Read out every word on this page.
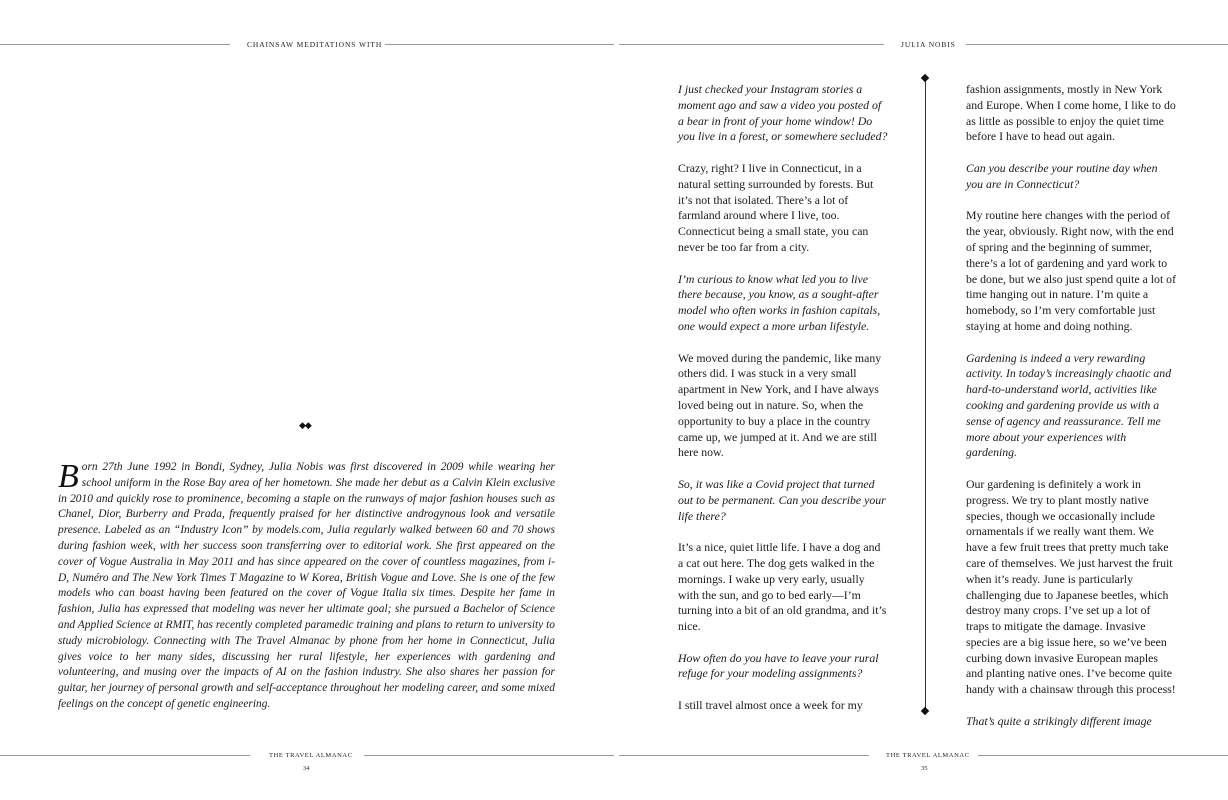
CHAINSAW MEDITATIONS WITH	JULIA NOBIS
◆◆
Born 27th June 1992 in Bondi, Sydney, Julia Nobis was first discovered in 2009 while wearing her school uniform in the Rose Bay area of her hometown. She made her debut as a Calvin Klein exclusive in 2010 and quickly rose to prominence, becoming a staple on the runways of major fashion houses such as Chanel, Dior, Burberry and Prada, frequently praised for her distinctive androgynous look and versatile presence. Labeled as an “Industry Icon” by models.com, Julia regularly walked between 60 and 70 shows during fashion week, with her success soon transferring over to editorial work. She first appeared on the cover of Vogue Australia in May 2011 and has since appeared on the cover of countless magazines, from i-D, Numéro and The New York Times T Magazine to W Korea, British Vogue and Love. She is one of the few models who can boast having been featured on the cover of Vogue Italia six times. Despite her fame in fashion, Julia has expressed that modeling was never her ultimate goal; she pursued a Bachelor of Science and Applied Science at RMIT, has recently completed paramedic training and plans to return to university to study microbiology. Connecting with The Travel Almanac by phone from her home in Connecticut, Julia gives voice to her many sides, discussing her rural lifestyle, her experiences with gardening and volunteering, and musing over the impacts of AI on the fashion industry. She also shares her passion for guitar, her journey of personal growth and self-acceptance throughout her modeling career, and some mixed feelings on the concept of genetic engineering.

I just checked your Instagram stories a moment ago and saw a video you posted of a bear in front of your home window! Do you live in a forest, or somewhere secluded?

Crazy, right? I live in Connecticut, in a natural setting surrounded by forests. But it’s not that isolated. There’s a lot of farmland around where I live, too. Connecticut being a small state, you can never be too far from a city.

I’m curious to know what led you to live there because, you know, as a sought-after model who often works in fashion capitals, one would expect a more urban lifestyle.

We moved during the pandemic, like many others did. I was stuck in a very small apartment in New York, and I have always loved being out in nature. So, when the opportunity to buy a place in the country came up, we jumped at it. And we are still here now.

So, it was like a Covid project that turned out to be permanent. Can you describe your life there?

It’s a nice, quiet little life. I have a dog and a cat out here. The dog gets walked in the mornings. I wake up very early, usually with the sun, and go to bed early—I’m turning into a bit of an old grandma, and it’s nice.

How often do you have to leave your rural refuge for your modeling assignments?

I still travel almost once a week for my

fashion assignments, mostly in New York and Europe. When I come home, I like to do as little as possible to enjoy the quiet time before I have to head out again.

Can you describe your routine day when you are in Connecticut?

My routine here changes with the period of the year, obviously. Right now, with the end of spring and the beginning of summer, there’s a lot of gardening and yard work to be done, but we also just spend quite a lot of time hanging out in nature. I’m quite a homebody, so I’m very comfortable just staying at home and doing nothing.

Gardening is indeed a very rewarding activity. In today’s increasingly chaotic and hard-to-understand world, activities like cooking and gardening provide us with a sense of agency and reassurance. Tell me more about your experiences with gardening.

Our gardening is definitely a work in progress. We try to plant mostly native species, though we occasionally include ornamentals if we really want them. We have a few fruit trees that pretty much take care of themselves. We just harvest the fruit when it’s ready. June is particularly challenging due to Japanese beetles, which destroy many crops. I’ve set up a lot of traps to mitigate the damage. Invasive species are a big issue here, so we’ve been curbing down invasive European maples and planting native ones. I’ve become quite handy with a chainsaw through this process!

That’s quite a strikingly different image

THE TRAVEL ALMANAC
34
THE TRAVEL ALMANAC
35
